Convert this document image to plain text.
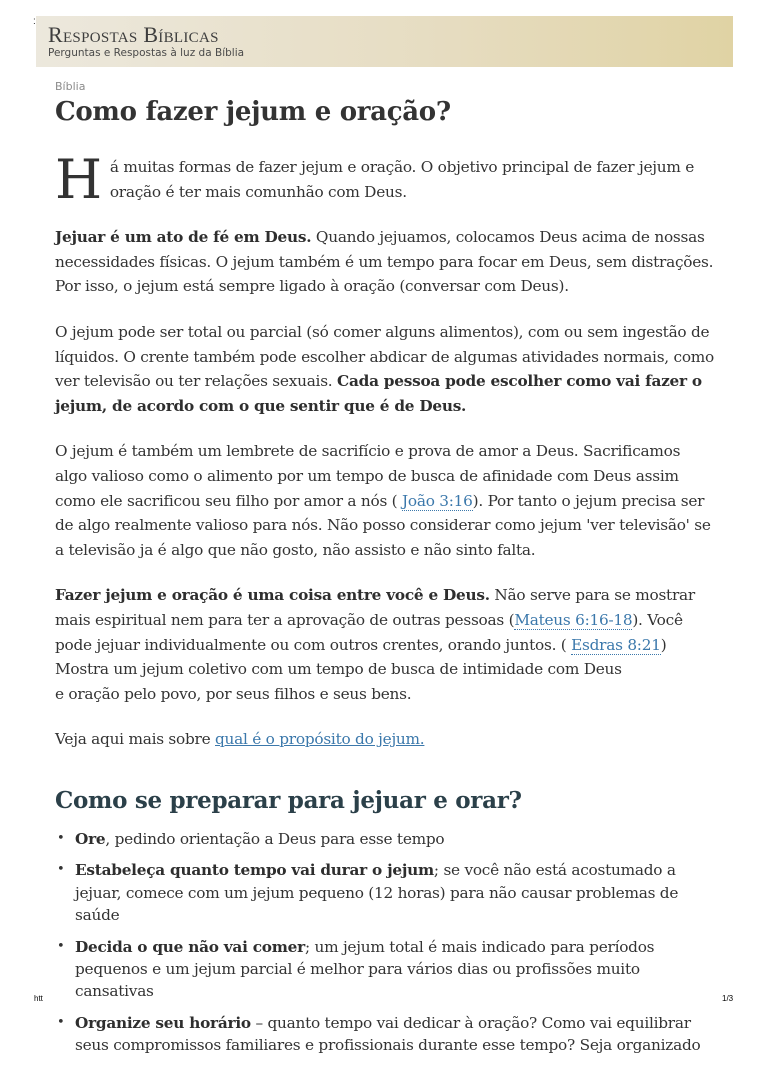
:
Respostas Bíblicas
Perguntas e Respostas à luz da Bíblia
Bíblia
Como fazer jejum e oração?

Há muitas formas de fazer jejum e oração. O objetivo principal de fazer jejum e oração é ter mais comunhão com Deus.

Jejuar é um ato de fé em Deus. Quando jejuamos, colocamos Deus acima de nossas necessidades físicas. O jejum também é um tempo para focar em Deus, sem distrações. Por isso, o jejum está sempre ligado à oração (conversar com Deus).

O jejum pode ser total ou parcial (só comer alguns alimentos), com ou sem ingestão de líquidos. O crente também pode escolher abdicar de algumas atividades normais, como ver televisão ou ter relações sexuais. Cada pessoa pode escolher como vai fazer o jejum, de acordo com o que sentir que é de Deus.

O jejum é também um lembrete de sacrifício e prova de amor a Deus. Sacrificamos algo valioso como o alimento por um tempo de busca de afinidade com Deus assim como ele sacrificou seu filho por amor a nós ( João 3:16). Por tanto o jejum precisa ser de algo realmente valioso para nós. Não posso considerar como jejum 'ver televisão' se a televisão ja é algo que não gosto, não assisto e não sinto falta.

Fazer jejum e oração é uma coisa entre você e Deus. Não serve para se mostrar mais espiritual nem para ter a aprovação de outras pessoas (Mateus 6:16-18). Você pode jejuar individualmente ou com outros crentes, orando juntos. ( Esdras 8:21) Mostra um jejum coletivo com um tempo de busca de intimidade com Deus
e oração pelo povo, por seus filhos e seus bens.

Veja aqui mais sobre qual é o propósito do jejum.

Como se preparar para jejuar e orar?
• Ore, pedindo orientação a Deus para esse tempo
• Estabeleça quanto tempo vai durar o jejum; se você não está acostumado a jejuar, comece com um jejum pequeno (12 horas) para não causar problemas de saúde
• Decida o que não vai comer; um jejum total é mais indicado para períodos pequenos e um jejum parcial é melhor para vários dias ou profissões muito cansativas
• Organize seu horário – quanto tempo vai dedicar à oração? Como vai equilibrar seus compromissos familiares e profissionais durante esse tempo? Seja organizado
htt	1/3
